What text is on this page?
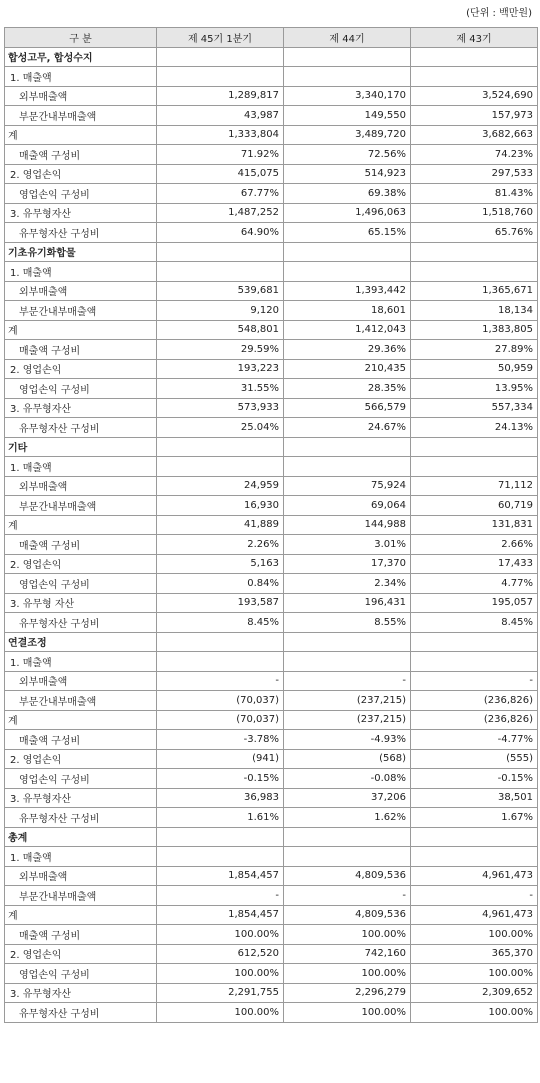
(단위 : 백만원)
구 분	제 45기 1분기	제 44기	제 43기
합성고무, 합성수지			
1. 매출액			
외부매출액	1,289,817	3,340,170	3,524,690
부문간내부매출액	43,987	149,550	157,973
계	1,333,804	3,489,720	3,682,663
매출액 구성비	71.92%	72.56%	74.23%
2. 영업손익	415,075	514,923	297,533
영업손익 구성비	67.77%	69.38%	81.43%
3. 유무형자산	1,487,252	1,496,063	1,518,760
유무형자산 구성비	64.90%	65.15%	65.76%
기초유기화합물			
1. 매출액			
외부매출액	539,681	1,393,442	1,365,671
부문간내부매출액	9,120	18,601	18,134
계	548,801	1,412,043	1,383,805
매출액 구성비	29.59%	29.36%	27.89%
2. 영업손익	193,223	210,435	50,959
영업손익 구성비	31.55%	28.35%	13.95%
3. 유무형자산	573,933	566,579	557,334
유무형자산 구성비	25.04%	24.67%	24.13%
기타			
1. 매출액			
외부매출액	24,959	75,924	71,112
부문간내부매출액	16,930	69,064	60,719
계	41,889	144,988	131,831
매출액 구성비	2.26%	3.01%	2.66%
2. 영업손익	5,163	17,370	17,433
영업손익 구성비	0.84%	2.34%	4.77%
3. 유무형 자산	193,587	196,431	195,057
유무형자산 구성비	8.45%	8.55%	8.45%
연결조정			
1. 매출액			
외부매출액	-	-	-
부문간내부매출액	(70,037)	(237,215)	(236,826)
계	(70,037)	(237,215)	(236,826)
매출액 구성비	-3.78%	-4.93%	-4.77%
2. 영업손익	(941)	(568)	(555)
영업손익 구성비	-0.15%	-0.08%	-0.15%
3. 유무형자산	36,983	37,206	38,501
유무형자산 구성비	1.61%	1.62%	1.67%
총계			
1. 매출액			
외부매출액	1,854,457	4,809,536	4,961,473
부문간내부매출액	-	-	-
계	1,854,457	4,809,536	4,961,473
매출액 구성비	100.00%	100.00%	100.00%
2. 영업손익	612,520	742,160	365,370
영업손익 구성비	100.00%	100.00%	100.00%
3. 유무형자산	2,291,755	2,296,279	2,309,652
유무형자산 구성비	100.00%	100.00%	100.00%
